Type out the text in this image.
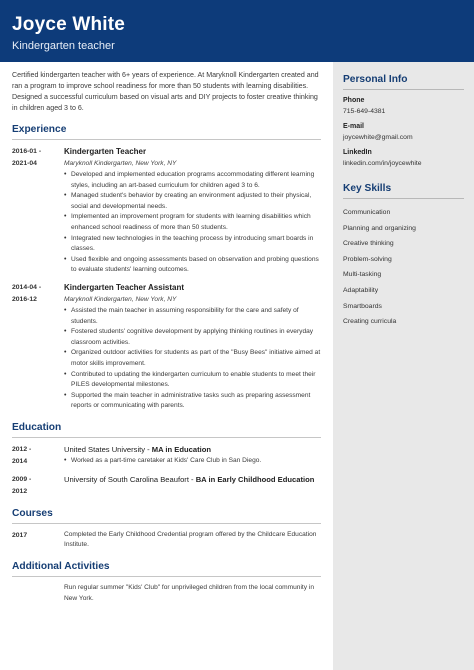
Joyce White
Kindergarten teacher

Certified kindergarten teacher with 6+ years of experience. At Maryknoll Kindergarten created and ran a program to improve school readiness for more than 50 students with learning disabilities. Designed a successful curriculum based on visual arts and DIY projects to foster creative thinking in children aged 3 to 6.

Experience
2016-01 -
2021-04
Kindergarten Teacher
Maryknoll Kindergarten, New York, NY
• Developed and implemented education programs accommodating different learning styles, including an art-based curriculum for children aged 3 to 6.
• Managed student's behavior by creating an environment adjusted to their physical, social and developmental needs.
• Implemented an improvement program for students with learning disabilities which enhanced school readiness of more than 50 students.
• Integrated new technologies in the teaching process by introducing smart boards in classes.
• Used flexible and ongoing assessments based on observation and probing questions to evaluate students' learning outcomes.
2014-04 -
2016-12
Kindergarten Teacher Assistant
Maryknoll Kindergarten, New York, NY
• Assisted the main teacher in assuming responsibility for the care and safety of students.
• Fostered students' cognitive development by applying thinking routines in everyday classroom activities.
• Organized outdoor activities for students as part of the "Busy Bees" initiative aimed at motor skills improvement.
• Contributed to updating the kindergarten curriculum to enable students to meet their PILES developmental milestones.
• Supported the main teacher in administrative tasks such as preparing assessment reports or communicating with parents.
Education
2012 -
2014
United States University - MA in Education
• Worked as a part-time caretaker at Kids' Care Club in San Diego.
2009 -
2012
University of South Carolina Beaufort - BA in Early Childhood Education
Courses
2017	Completed the Early Childhood Credential program offered by the Childcare Education Institute.
Additional Activities
Run regular summer "Kids' Club" for unprivileged children from the local community in New York.
Personal Info
Phone
715-649-4381
E-mail
joycewhite@gmail.com
LinkedIn
linkedin.com/in/joycewhite
Key Skills
Communication
Planning and organizing
Creative thinking
Problem-solving
Multi-tasking
Adaptability
Smartboards
Creating curricula
